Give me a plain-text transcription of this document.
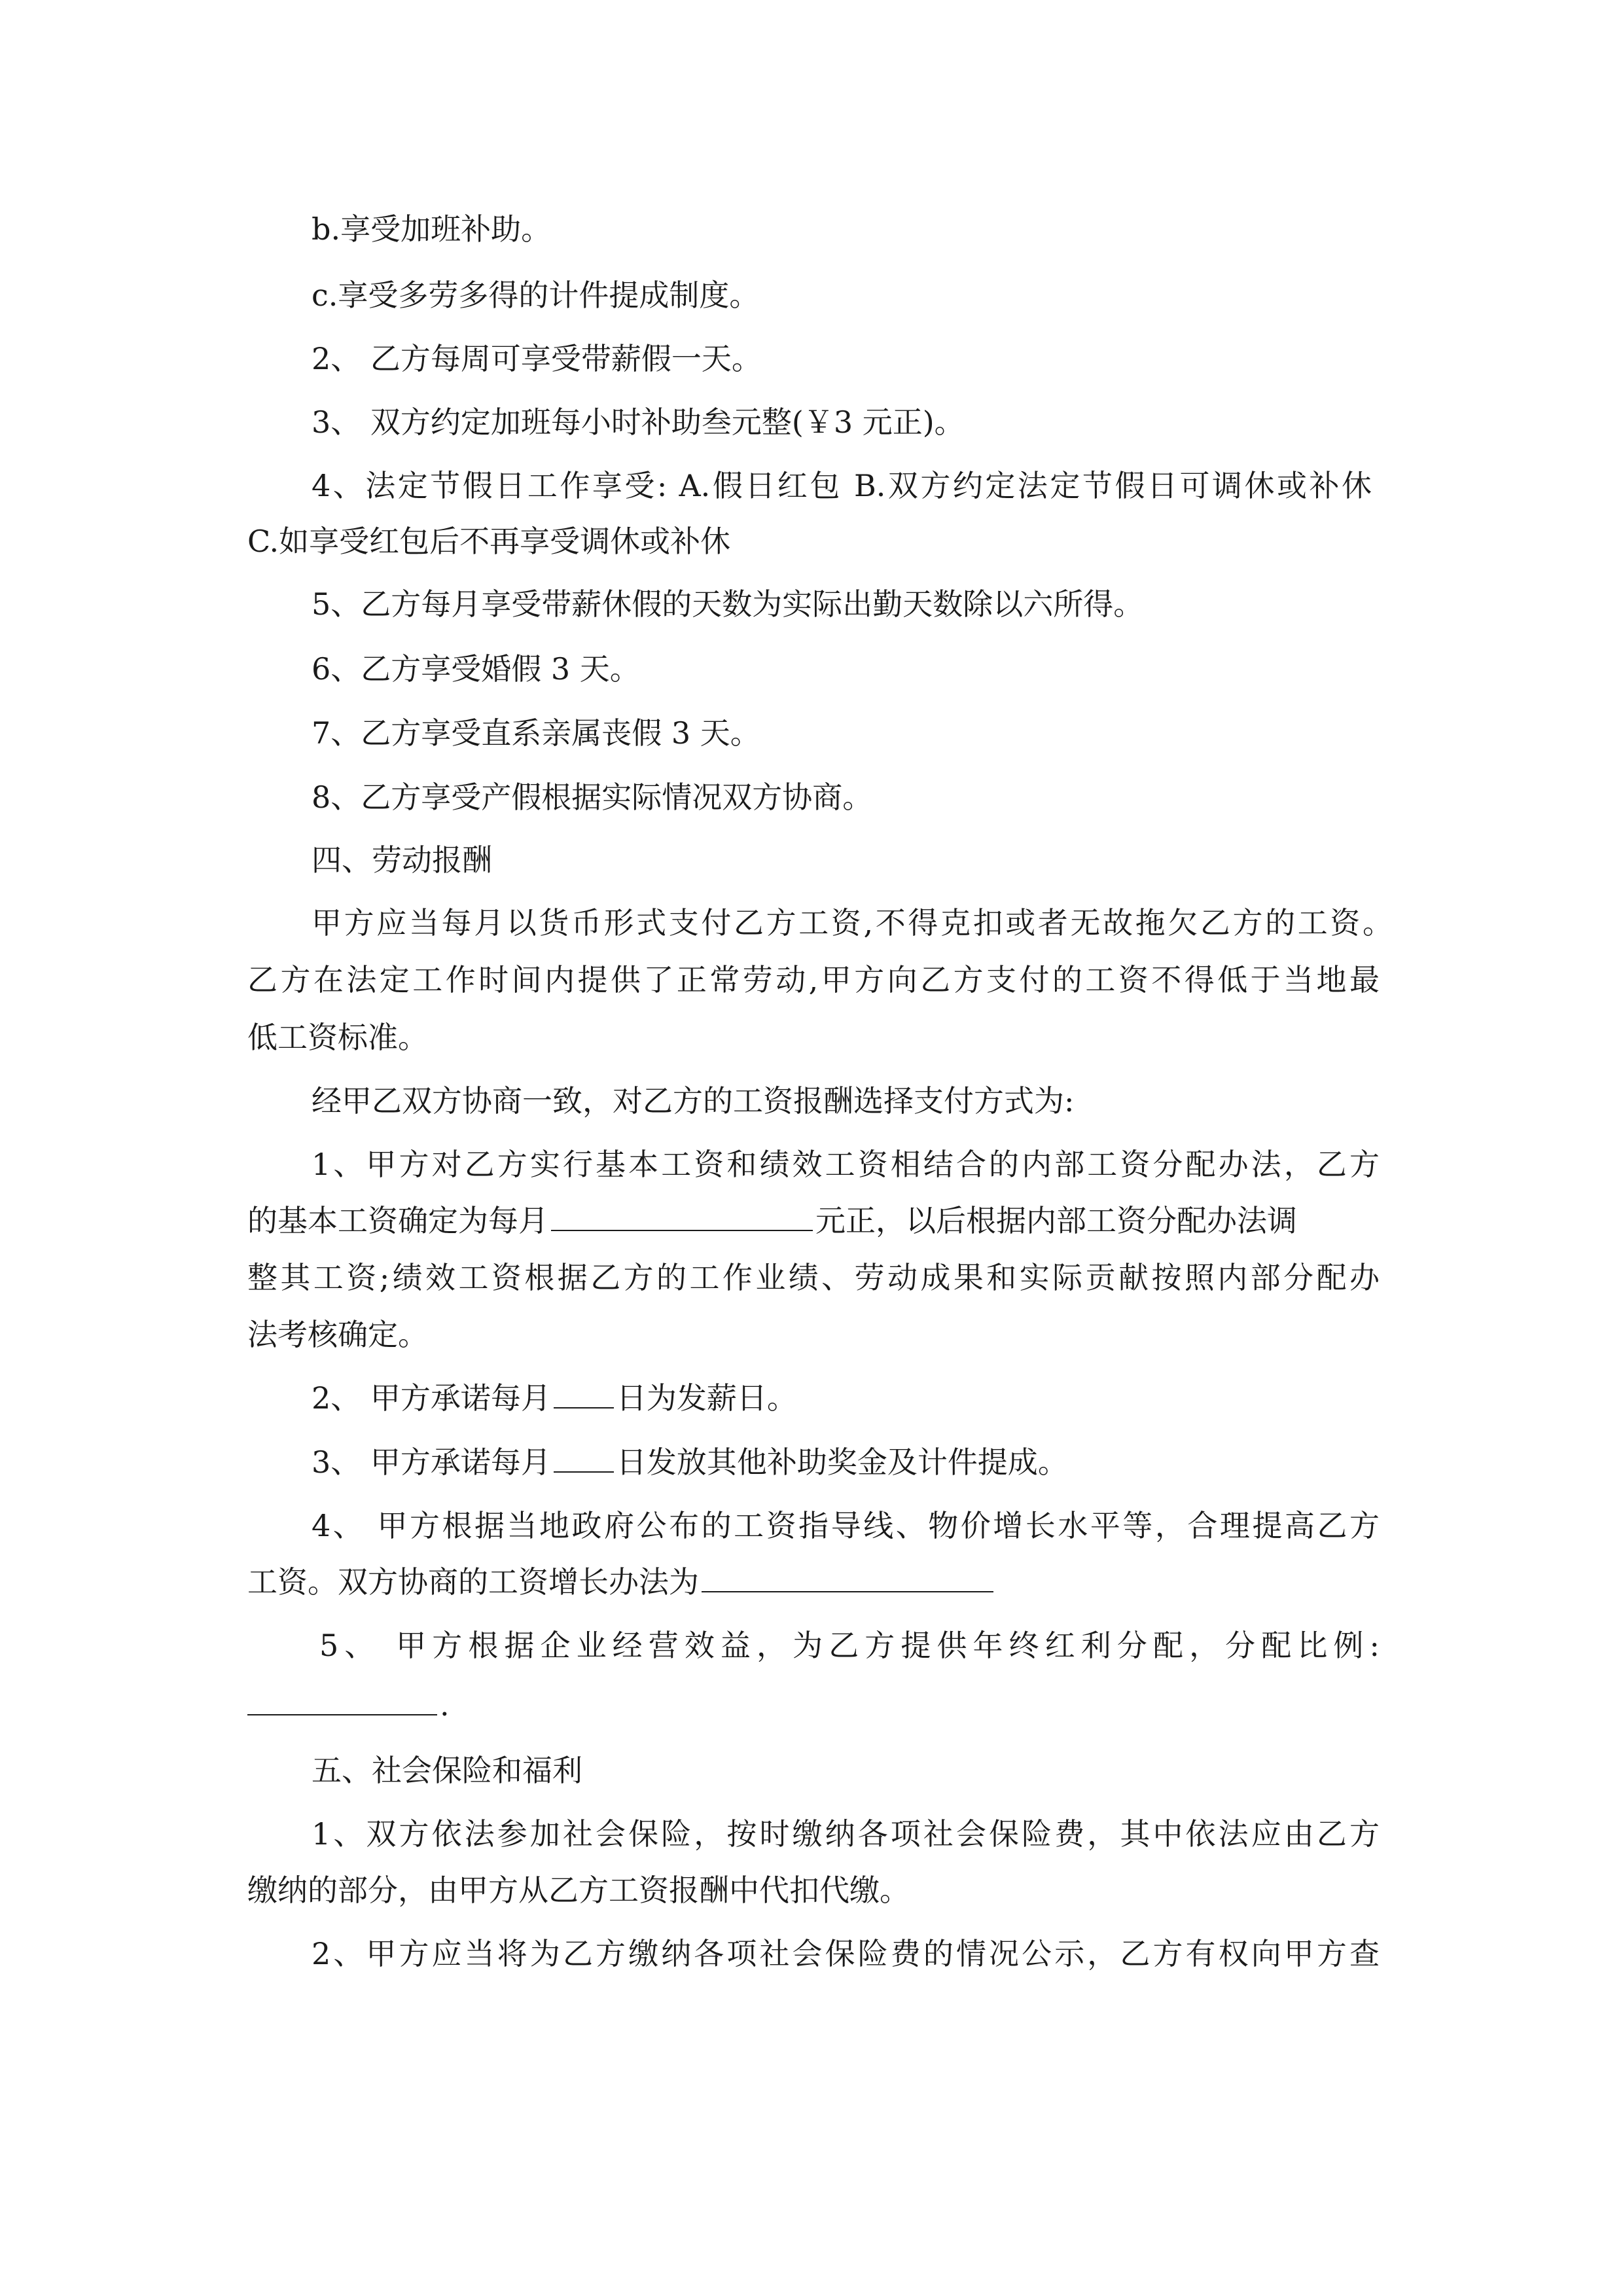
b.享受加班补助。
c.享受多劳多得的计件提成制度。
2、 乙方每周可享受带薪假一天。
3、 双方约定加班每小时补助叁元整(￥3 元正)。
4、法定节假日工作享受: A.假日红包 B.双方约定法定节假日可调休或补休
C.如享受红包后不再享受调休或补休
5、乙方每月享受带薪休假的天数为实际出勤天数除以六所得。
6、乙方享受婚假 3 天。
7、乙方享受直系亲属丧假 3 天。
8、乙方享受产假根据实际情况双方协商。
四、劳动报酬
甲方应当每月以货币形式支付乙方工资,不得克扣或者无故拖欠乙方的工资。
乙方在法定工作时间内提供了正常劳动,甲方向乙方支付的工资不得低于当地最
低工资标准。
经甲乙双方协商一致，对乙方的工资报酬选择支付方式为:
1、甲方对乙方实行基本工资和绩效工资相结合的内部工资分配办法，乙方
的基本工资确定为每月	元正，以后根据内部工资分配办法调
整其工资;绩效工资根据乙方的工作业绩、劳动成果和实际贡献按照内部分配办
法考核确定。
2、 甲方承诺每月 日为发薪日。
3、 甲方承诺每月 日发放其他补助奖金及计件提成。
4、 甲方根据当地政府公布的工资指导线、物价增长水平等，合理提高乙方
工资。双方协商的工资增长办法为
5、 甲方根据企业经营效益，为乙方提供年终红利分配，分配比例:
.
五、社会保险和福利
1、双方依法参加社会保险，按时缴纳各项社会保险费，其中依法应由乙方
缴纳的部分，由甲方从乙方工资报酬中代扣代缴。
2、甲方应当将为乙方缴纳各项社会保险费的情况公示，乙方有权向甲方查
